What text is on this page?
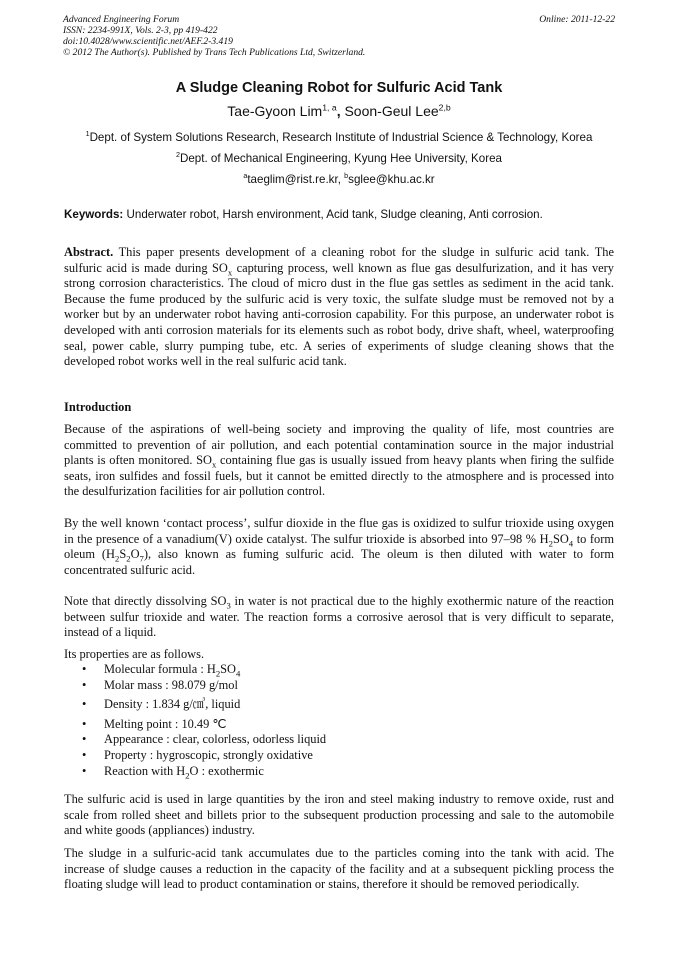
Advanced Engineering Forum	Online: 2011-12-22
ISSN: 2234-991X, Vols. 2-3, pp 419-422
doi:10.4028/www.scientific.net/AEF.2-3.419
© 2012 The Author(s). Published by Trans Tech Publications Ltd, Switzerland.
A Sludge Cleaning Robot for Sulfuric Acid Tank
Tae-Gyoon Lim$^{1, a}$, Soon-Geul Lee$^{2,b}$
$^1$Dept. of System Solutions Research, Research Institute of Industrial Science & Technology, Korea
$^2$Dept. of Mechanical Engineering, Kyung Hee University, Korea
$^a$taeglim@rist.re.kr, $^b$sglee@khu.ac.kr
Keywords: Underwater robot, Harsh environment, Acid tank, Sludge cleaning, Anti corrosion.
Abstract. This paper presents development of a cleaning robot for the sludge in sulfuric acid tank. The sulfuric acid is made during $SO_x$ capturing process, well known as flue gas desulfurization, and it has very strong corrosion characteristics. The cloud of micro dust in the flue gas settles as sediment in the acid tank. Because the fume produced by the sulfuric acid is very toxic, the sulfate sludge must be removed not by a worker but by an underwater robot having anti-corrosion capability. For this purpose, an underwater robot is developed with anti corrosion materials for its elements such as robot body, drive shaft, wheel, waterproofing seal, power cable, slurry pumping tube, etc. A series of experiments of sludge cleaning shows that the developed robot works well in the real sulfuric acid tank.
Introduction
Because of the aspirations of well-being society and improving the quality of life, most countries are committed to prevention of air pollution, and each potential contamination source in the major industrial plants is often monitored. $SO_x$ containing flue gas is usually issued from heavy plants when firing the sulfide seats, iron sulfides and fossil fuels, but it cannot be emitted directly to the atmosphere and is processed into the desulfurization facilities for air pollution control.
By the well known ‘contact process’, sulfur dioxide in the flue gas is oxidized to sulfur trioxide using oxygen in the presence of a vanadium(V) oxide catalyst. The sulfur trioxide is absorbed into 97–98 % $H_2SO_4$ to form oleum $(H_2S_2O_7)$, also known as fuming sulfuric acid. The oleum is then diluted with water to form concentrated sulfuric acid.
Note that directly dissolving $SO_3$ in water is not practical due to the highly exothermic nature of the reaction between sulfur trioxide and water. The reaction forms a corrosive aerosol that is very difficult to separate, instead of a liquid.
Its properties are as follows.
• Molecular formula : $H_2SO_4$
• Molar mass : 98.079 g/mol
• Density : 1.834 g/㎤, liquid
• Melting point : 10.49 ℃
• Appearance : clear, colorless, odorless liquid
• Property : hygroscopic, strongly oxidative
• Reaction with $H_2O$ : exothermic
The sulfuric acid is used in large quantities by the iron and steel making industry to remove oxide, rust and scale from rolled sheet and billets prior to the subsequent production processing and sale to the automobile and white goods (appliances) industry.
The sludge in a sulfuric-acid tank accumulates due to the particles coming into the tank with acid. The increase of sludge causes a reduction in the capacity of the facility and at a subsequent pickling process the floating sludge will lead to product contamination or stains, therefore it should be removed periodically.
